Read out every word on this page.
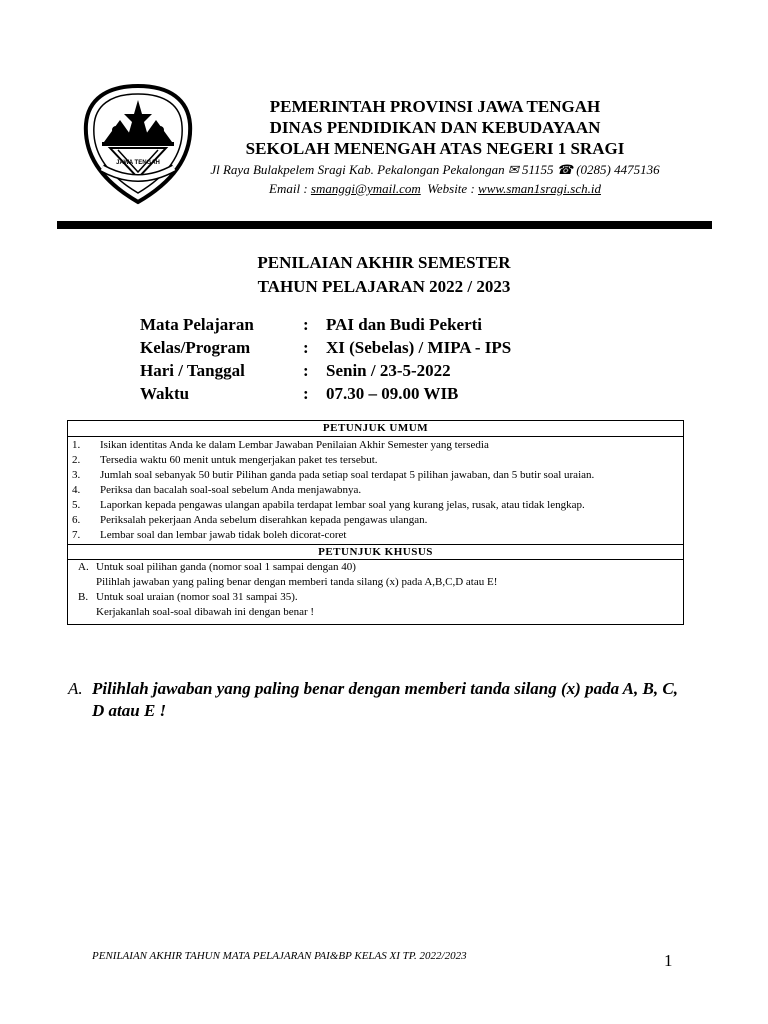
JAWA TENGAH
PEMERINTAH PROVINSI JAWA TENGAH
DINAS PENDIDIKAN DAN KEBUDAYAAN
SEKOLAH MENENGAH ATAS NEGERI 1 SRAGI
Jl Raya Bulakpelem Sragi Kab. Pekalongan Pekalongan ✉ 51155 ☎ (0285) 4475136
Email : smanggi@ymail.com  Website : www.sman1sragi.sch.id
PENILAIAN AKHIR SEMESTER
TAHUN PELAJARAN 2022 / 2023
Mata Pelajaran	: PAI dan Budi Pekerti
Kelas/Program	: XI (Sebelas) / MIPA - IPS
Hari / Tanggal	: Senin / 23-5-2022
Waktu	: 07.30 – 09.00 WIB
PETUNJUK UMUM
1.	Isikan identitas Anda ke dalam Lembar Jawaban Penilaian Akhir Semester yang tersedia
2.	Tersedia waktu 60 menit untuk mengerjakan paket tes tersebut.
3.	Jumlah soal sebanyak 50 butir Pilihan ganda pada setiap soal terdapat 5 pilihan jawaban, dan 5 butir soal uraian.
4.	Periksa dan bacalah soal-soal sebelum Anda menjawabnya.
5.	Laporkan kepada pengawas ulangan apabila terdapat lembar soal yang kurang jelas, rusak, atau tidak lengkap.
6.	Periksalah pekerjaan Anda sebelum diserahkan kepada pengawas ulangan.
7.	Lembar soal dan lembar jawab tidak boleh dicorat-coret
PETUNJUK KHUSUS
A. Untuk soal pilihan ganda (nomor soal 1 sampai dengan 40)
Pilihlah jawaban yang paling benar dengan memberi tanda silang (x) pada A,B,C,D atau E!
B. Untuk soal uraian (nomor soal 31 sampai 35).
Kerjakanlah soal-soal dibawah ini dengan benar !
A. Pilihlah jawaban yang paling benar dengan memberi tanda silang (x) pada A, B, C, D atau E !
PENILAIAN AKHIR TAHUN MATA PELAJARAN PAI&BP KELAS XI TP. 2022/2023	1
